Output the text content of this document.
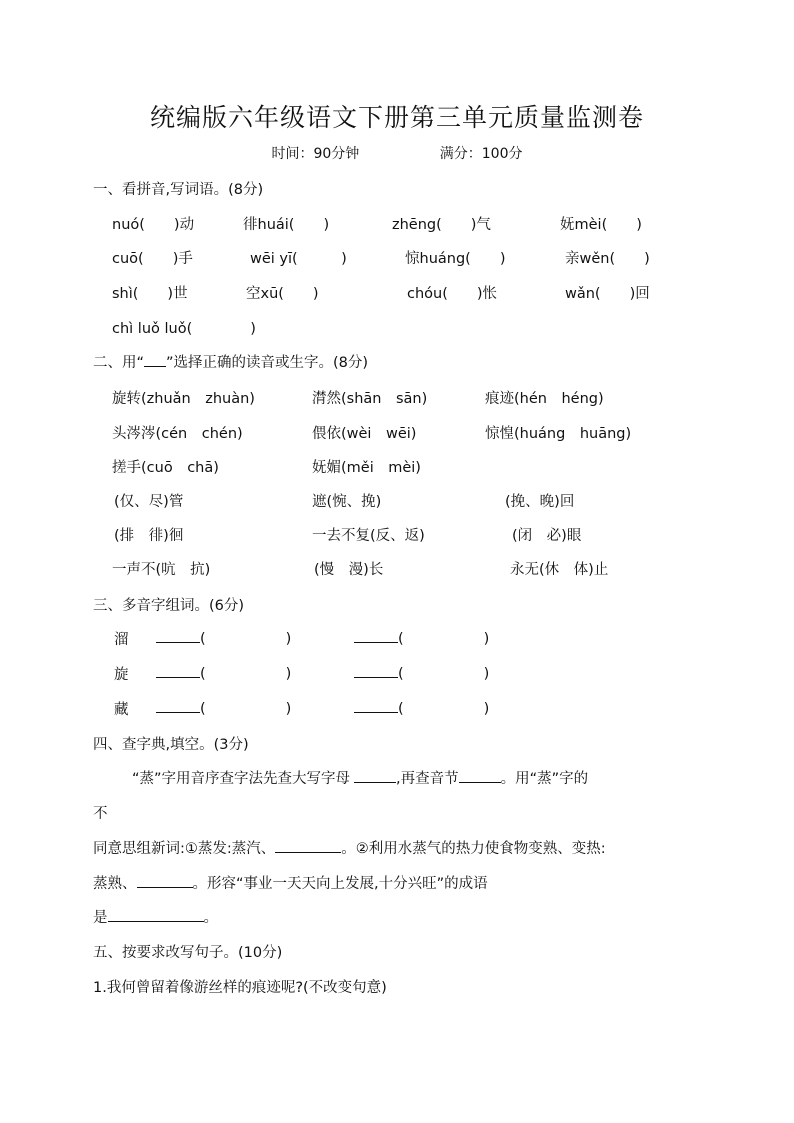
统编版六年级语文下册第三单元质量监测卷
时间：90分钟	满分：100分
一、看拼音,写词语。(8分)
nuó(　　)动	徘huái(　　)	zhēng(　　)气	妩mèi(　　)
cuō(　　)手	wēi yī(　　　)	惊huáng(　　)	亲wěn(　　)
shì(　　)世	空xū(　　)	chóu(　　)怅	wǎn(　　)回
chì luǒ luǒ(　　　　)
二、用“ ”选择正确的读音或生字。(8分)
旋转(zhuǎn　zhuàn)	潸然(shān　sān)	痕迹(hén　héng)
头涔涔(cén　chén)	偎依(wèi　wēi)	惊惶(huáng　huāng)
搓手(cuō　chā)	妩媚(měi　mèi)
(仅、尽)管	遮(惋、挽)	(挽、晚)回
(排　徘)徊	一去不复(反、返)	(闭　必)眼
一声不(吭　抗)	(慢　漫)长	永无(休　体)止
三、多音字组词。(6分)
溜	(	)	(	)
旋	(	)	(	)
藏	(	)	(	)
四、查字典,填空。(3分)
“蒸”字用音序查字法先查大写字母	,再查音节	。用“蒸”字的
不
同意思组新词:①蒸发:蒸汽、	。②利用水蒸气的热力使食物变熟、变热:
蒸熟、	。形容“事业一天天向上发展,十分兴旺”的成语
是	。
五、按要求改写句子。(10分)
1.我何曾留着像游丝样的痕迹呢?(不改变句意)
